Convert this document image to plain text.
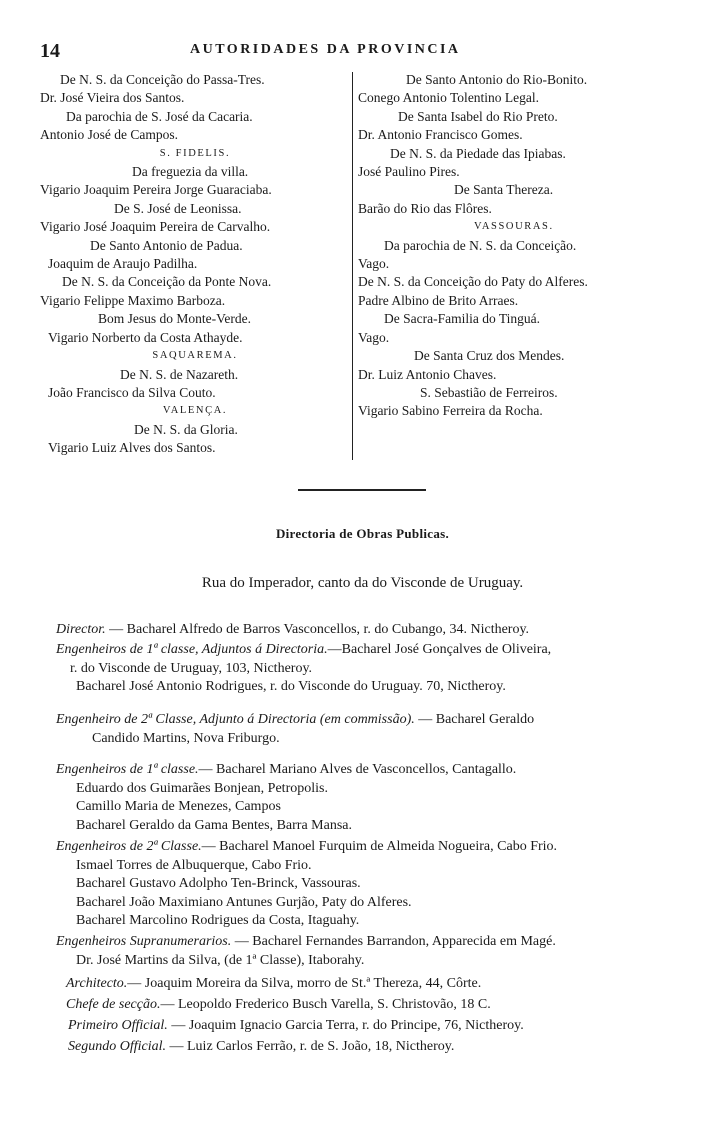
14	AUTORIDADES DA PROVINCIA
De N. S. da Conceição do Passa-Tres.
Dr. José Vieira dos Santos.
Da parochia de S. José da Cacaria.
Antonio José de Campos.
S. FIDELIS.
Da freguezia da villa.
Vigario Joaquim Pereira Jorge Guaraciaba.
De S. José de Leonissa.
Vigario José Joaquim Pereira de Carvalho.
De Santo Antonio de Padua.
Joaquim de Araujo Padilha.
De N. S. da Conceição da Ponte Nova.
Vigario Felippe Maximo Barboza.
Bom Jesus do Monte-Verde.
Vigario Norberto da Costa Athayde.
SAQUAREMA.
De N. S. de Nazareth.
João Francisco da Silva Couto.
VALENÇA.
De N. S. da Gloria.
Vigario Luiz Alves dos Santos.
De Santo Antonio do Rio-Bonito.
Conego Antonio Tolentino Legal.
De Santa Isabel do Rio Preto.
Dr. Antonio Francisco Gomes.
De N. S. da Piedade das Ipiabas.
José Paulino Pires.
De Santa Thereza.
Barão do Rio das Flôres.
VASSOURAS.
Da parochia de N. S. da Conceição.
Vago.
De N. S. da Conceição do Paty do Alferes.
Padre Albino de Brito Arraes.
De Sacra-Familia do Tinguá.
Vago.
De Santa Cruz dos Mendes.
Dr. Luiz Antonio Chaves.
S. Sebastião de Ferreiros.
Vigario Sabino Ferreira da Rocha.
Directoria de Obras Publicas.
Rua do Imperador, canto da do Visconde de Uruguay.
Director. — Bacharel Alfredo de Barros Vasconcellos, r. do Cubango, 34. Nictheroy.
Engenheiros de 1ª classe, Adjuntos á Directoria.—Bacharel José Gonçalves de Oliveira,
r. do Visconde de Uruguay, 103, Nictheroy.
Bacharel José Antonio Rodrigues, r. do Visconde do Uruguay. 70, Nictheroy.
Engenheiro de 2ª Classe, Adjunto á Directoria (em commissão). — Bacharel Geraldo
Candido Martins, Nova Friburgo.
Engenheiros de 1ª classe.— Bacharel Mariano Alves de Vasconcellos, Cantagallo.
Eduardo dos Guimarães Bonjean, Petropolis.
Camillo Maria de Menezes, Campos
Bacharel Geraldo da Gama Bentes, Barra Mansa.
Engenheiros de 2ª Classe.— Bacharel Manoel Furquim de Almeida Nogueira, Cabo Frio.
Ismael Torres de Albuquerque, Cabo Frio.
Bacharel Gustavo Adolpho Ten-Brinck, Vassouras.
Bacharel João Maximiano Antunes Gurjão, Paty do Alferes.
Bacharel Marcolino Rodrigues da Costa, Itaguahy.
Engenheiros Supranumerarios. — Bacharel Fernandes Barrandon, Apparecida em Magé.
Dr. José Martins da Silva, (de 1ª Classe), Itaborahy.
Architecto.— Joaquim Moreira da Silva, morro de St.ª Thereza, 44, Côrte.
Chefe de secção.— Leopoldo Frederico Busch Varella, S. Christovão, 18 C.
Primeiro Official. — Joaquim Ignacio Garcia Terra, r. do Principe, 76, Nictheroy.
Segundo Official. — Luiz Carlos Ferrão, r. de S. João, 18, Nictheroy.
